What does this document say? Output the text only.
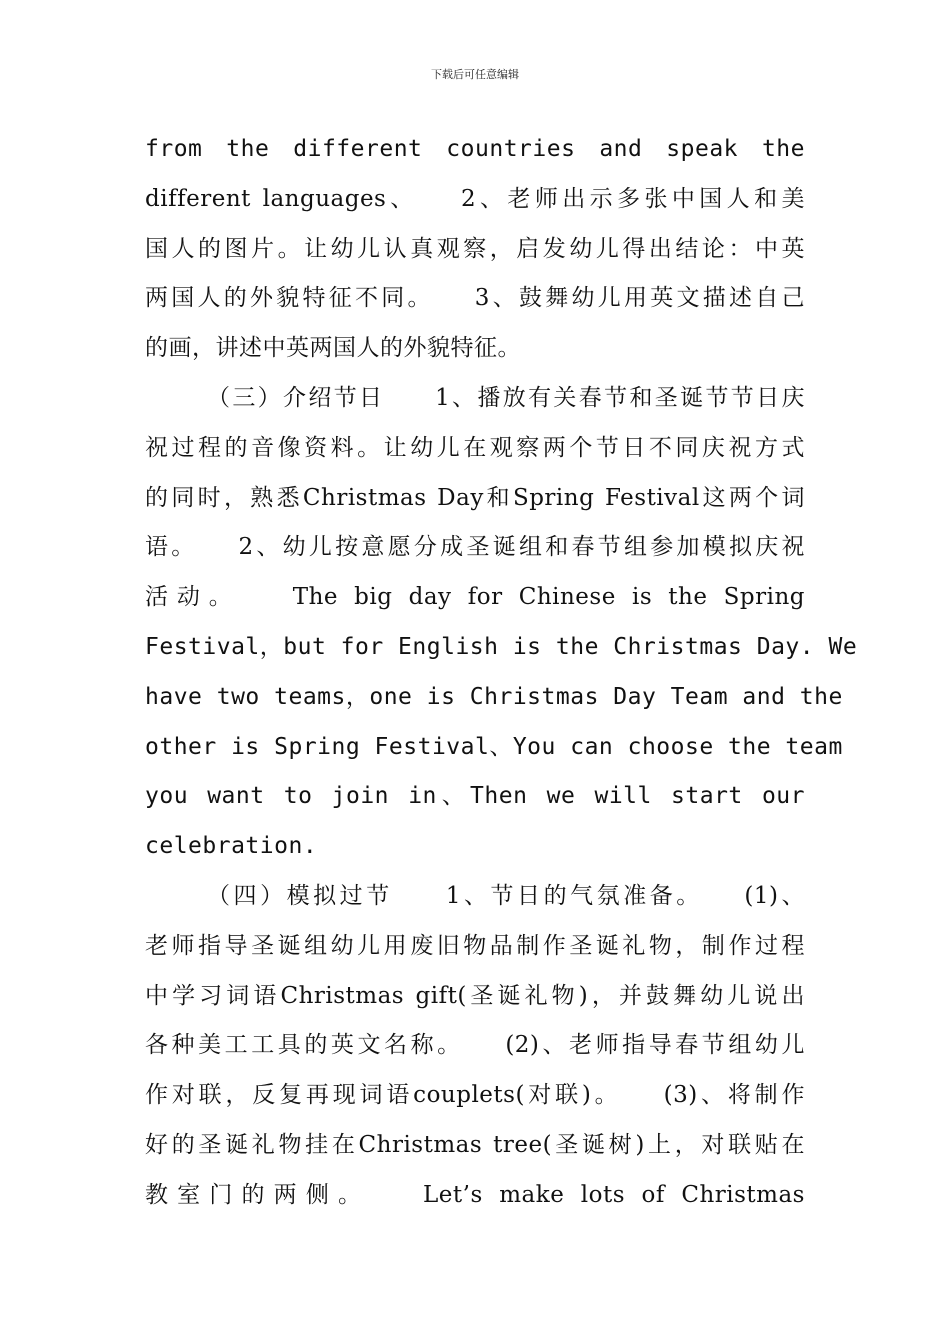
下载后可任意编辑
from the different countries and speak the
different languages、　　2、老师出示多张中国人和美
国人的图片。让幼儿认真观察，启发幼儿得出结论：中英
两国人的外貌特征不同。　　3、鼓舞幼儿用英文描述自己
的画，讲述中英两国人的外貌特征。
（三）介绍节日　　1、播放有关春节和圣诞节节日庆
祝过程的音像资料。让幼儿在观察两个节日不同庆祝方式
的同时，熟悉Christmas Day和Spring Festival这两个词
语。　　2、幼儿按意愿分成圣诞组和春节组参加模拟庆祝
活动。　　The big day for Chinese is the Spring
Festival，but for English is the Christmas Day. We
have two teams，one is Christmas Day Team and the
other is Spring Festival、You can choose the team
you want to join in、Then we will start our
celebration.
（四）模拟过节　　1、节日的气氛准备。　　(1)、
老师指导圣诞组幼儿用废旧物品制作圣诞礼物，制作过程
中学习词语Christmas gift(圣诞礼物)，并鼓舞幼儿说出
各种美工工具的英文名称。　　(2)、老师指导春节组幼儿
作对联，反复再现词语couplets(对联)。　　(3)、将制作
好的圣诞礼物挂在Christmas tree(圣诞树)上，对联贴在
教室门的两侧。　　Let’s make lots of Christmas
